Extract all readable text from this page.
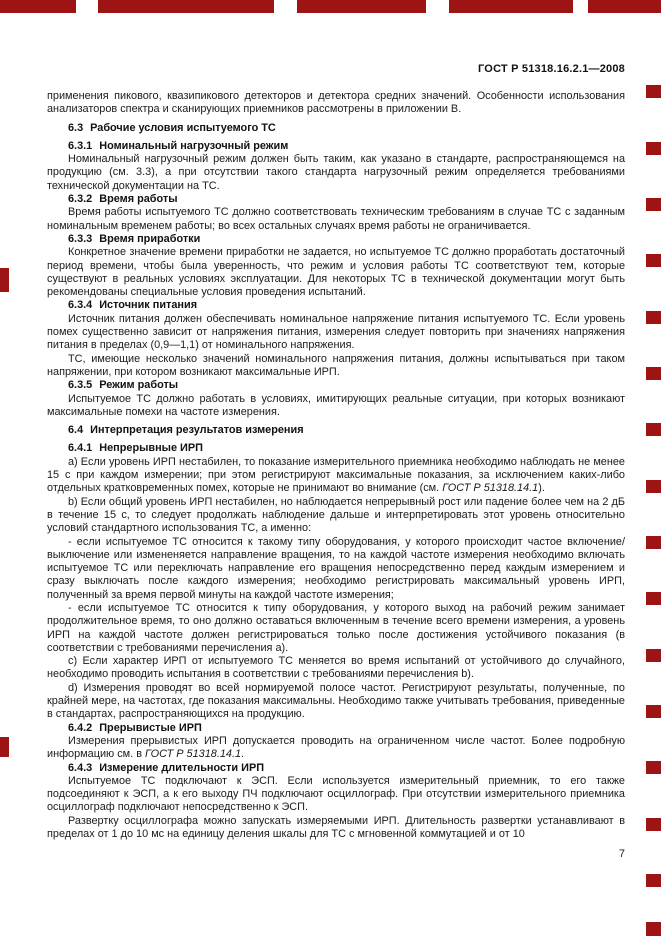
ГОСТ Р 51318.16.2.1—2008

применения пикового, квазипикового детекторов и детектора средних значений. Особенности использования анализаторов спектра и сканирующих приемников рассмотрены в приложении В.

6.3 Рабочие условия испытуемого ТС
6.3.1 Номинальный нагрузочный режим

Номинальный нагрузочный режим должен быть таким, как указано в стандарте, распространяющемся на продукцию (см. 3.3), а при отсутствии такого стандарта нагрузочный режим определяется требованиями технической документации на ТС.

6.3.2 Время работы

Время работы испытуемого ТС должно соответствовать техническим требованиям в случае ТС с заданным номинальным временем работы; во всех остальных случаях время работы не ограничивается.

6.3.3 Время приработки

Конкретное значение времени приработки не задается, но испытуемое ТС должно проработать достаточный период времени, чтобы была уверенность, что режим и условия работы ТС соответствуют тем, которые существуют в реальных условиях эксплуатации. Для некоторых ТС в технической документации могут быть рекомендованы специальные условия проведения испытаний.

6.3.4 Источник питания

Источник питания должен обеспечивать номинальное напряжение питания испытуемого ТС. Если уровень помех существенно зависит от напряжения питания, измерения следует повторить при значениях напряжения питания в пределах (0,9—1,1) от номинального напряжения.

ТС, имеющие несколько значений номинального напряжения питания, должны испытываться при таком напряжении, при котором возникают максимальные ИРП.

6.3.5 Режим работы

Испытуемое ТС должно работать в условиях, имитирующих реальные ситуации, при которых возникают максимальные помехи на частоте измерения.

6.4 Интерпретация результатов измерения
6.4.1 Непрерывные ИРП

а) Если уровень ИРП нестабилен, то показание измерительного приемника необходимо наблюдать не менее 15 с при каждом измерении; при этом регистрируют максимальные показания, за исключением каких-либо отдельных кратковременных помех, которые не принимают во внимание (см. ГОСТ Р 51318.14.1).

b) Если общий уровень ИРП нестабилен, но наблюдается непрерывный рост или падение более чем на 2 дБ в течение 15 с, то следует продолжать наблюдение дальше и интерпретировать этот уровень относительно условий стандартного использования ТС, а именно:

- если испытуемое ТС относится к такому типу оборудования, у которого происходит частое включение/выключение или измененяется направление вращения, то на каждой частоте измерения необходимо включать испытуемое ТС или переключать направление его вращения непосредственно перед каждым измерением и сразу выключать после каждого измерения; необходимо регистрировать максимальный уровень ИРП, полученный за время первой минуты на каждой частоте измерения;

- если испытуемое ТС относится к типу оборудования, у которого выход на рабочий режим занимает продолжительное время, то оно должно оставаться включенным в течение всего времени измерения, а уровень ИРП на каждой частоте должен регистрироваться только после достижения устойчивого показания (в соответствии с требованиями перечисления а).

с) Если характер ИРП от испытуемого ТС меняется во время испытаний от устойчивого до случайного, необходимо проводить испытания в соответствии с требованиями перечисления b).

d) Измерения проводят во всей нормируемой полосе частот. Регистрируют результаты, полученные, по крайней мере, на частотах, где показания максимальны. Необходимо также учитывать требования, приведенные в стандартах, распространяющихся на продукцию.

6.4.2 Прерывистые ИРП

Измерения прерывистых ИРП допускается проводить на ограниченном числе частот. Более подробную информацию см. в ГОСТ Р 51318.14.1.

6.4.3 Измерение длительности ИРП

Испытуемое ТС подключают к ЭСП. Если используется измерительный приемник, то его также подсоединяют к ЭСП, а к его выходу ПЧ подключают осциллограф. При отсутствии измерительного приемника осциллограф подключают непосредственно к ЭСП.

Развертку осциллографа можно запускать измеряемыми ИРП. Длительность развертки устанавливают в пределах от 1 до 10 мс на единицу деления шкалы для ТС с мгновенной коммутацией и от 10

7
